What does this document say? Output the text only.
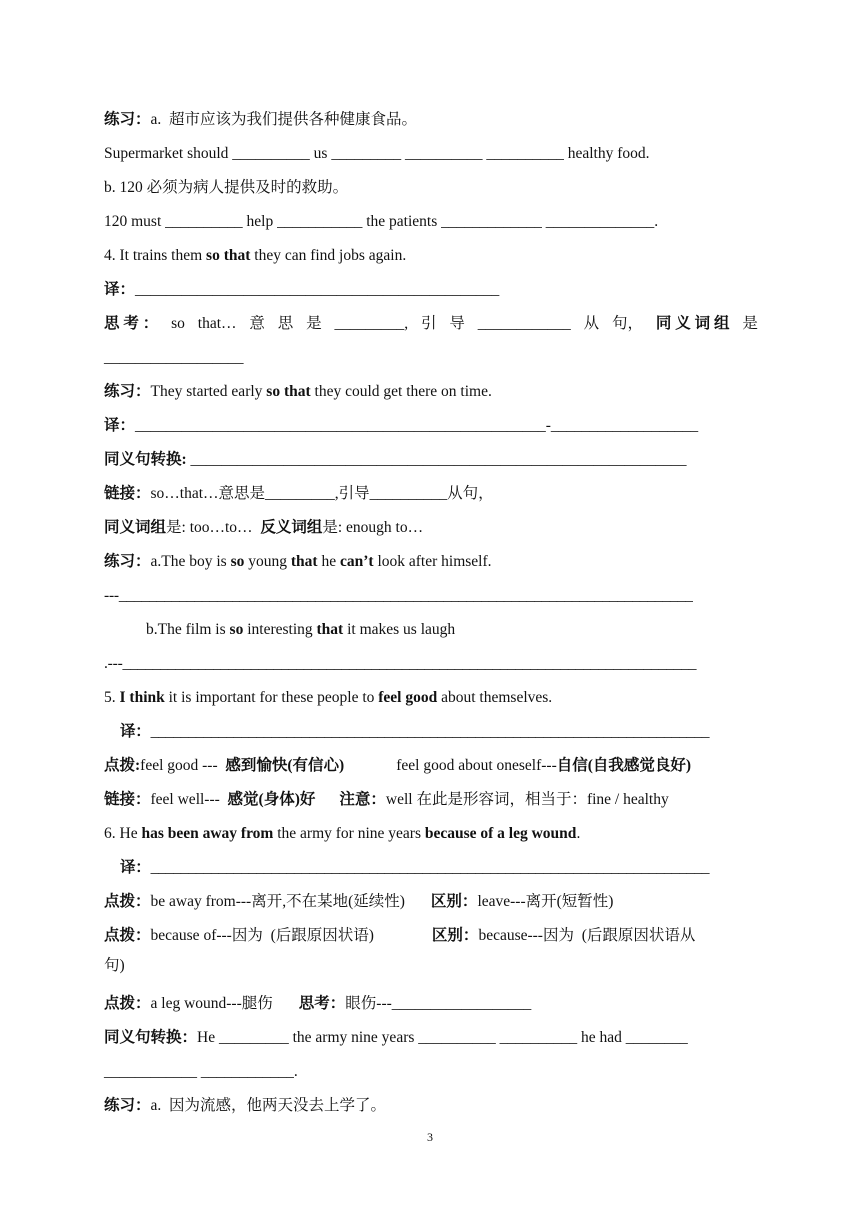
练习：a.  超市应该为我们提供各种健康食品。
Supermarket should __________ us _________ __________ __________ healthy food.
b. 120 必须为病人提供及时的救助。
120 must __________ help ___________ the patients _____________ ______________.
4. It trains them so that they can find jobs again.
译：_______________________________________________
思 考 ： so that… 意 思 是 _________, 引 导 ____________ 从 句， 同 义 词 组 是
__________________
练习：They started early so that they could get there on time.
译：_____________________________________________________-___________________
同义句转换: ________________________________________________________________
链接：so…that…意思是_________,引导__________从句，
同义词组是: too…to…  反义词组是: enough to…
练习：a.The boy is so young that he can’t look after himself.
---____________________________________________________________________________
b.The film is so interesting that it makes us laugh
.---____________________________________________________________________________
5. I think it is important for these people to feel good about themselves.
译：__________________________________________________________________________
点拨:feel good ---  感到愉快(有信心)	feel good about oneself---自信(自我感觉良好)
链接：feel well---  感觉(身体)好 注意：well 在此是形容词，相当于：fine / healthy
6. He has been away from the army for nine years because of a leg wound.
译：__________________________________________________________________________
点拨：be away from---离开,不在某地(延续性) 区别：leave---离开(短暂性)
点拨：because of---因为  (后跟原因状语)	区别：because---因为  (后跟原因状语从
句)
点拨：a leg wound---腿伤 思考：眼伤---__________________
同义句转换：He _________ the army nine years __________ __________ he had ________
____________ ____________.
练习：a.  因为流感，他两天没去上学了。
3
